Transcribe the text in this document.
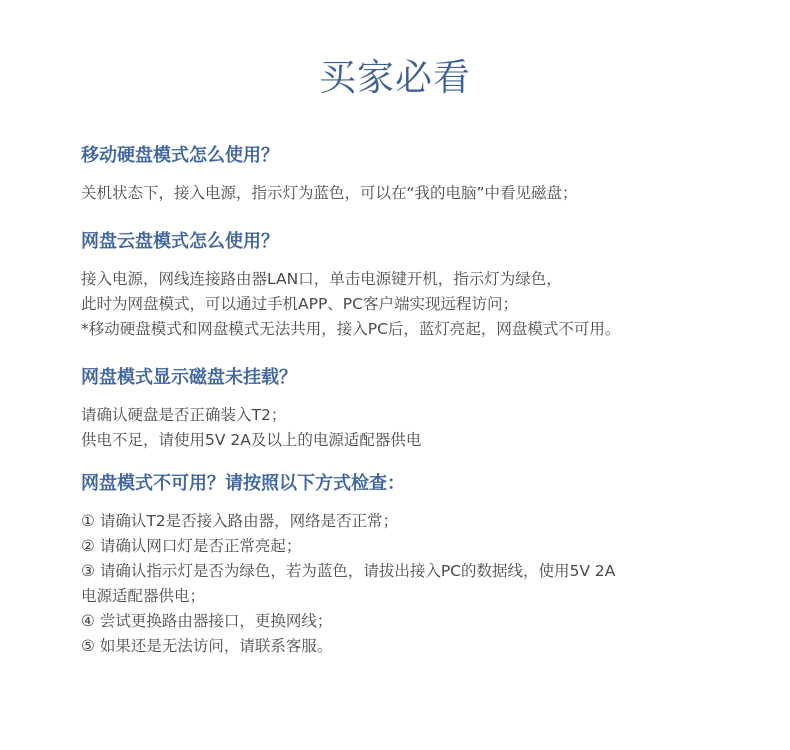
买家必看

移动硬盘模式怎么使用？

关机状态下，接入电源，指示灯为蓝色，可以在“我的电脑”中看见磁盘；

网盘云盘模式怎么使用？

接入电源，网线连接路由器LAN口，单击电源键开机，指示灯为绿色，
此时为网盘模式，可以通过手机APP、PC客户端实现远程访问；
*移动硬盘模式和网盘模式无法共用，接入PC后，蓝灯亮起，网盘模式不可用。

网盘模式显示磁盘未挂载？

请确认硬盘是否正确装入T2；
供电不足，请使用5V 2A及以上的电源适配器供电

网盘模式不可用？请按照以下方式检查：

① 请确认T2是否接入路由器，网络是否正常；
② 请确认网口灯是否正常亮起；
③ 请确认指示灯是否为绿色，若为蓝色，请拔出接入PC的数据线，使用5V 2A
电源适配器供电；
④ 尝试更换路由器接口，更换网线；
⑤ 如果还是无法访问，请联系客服。
